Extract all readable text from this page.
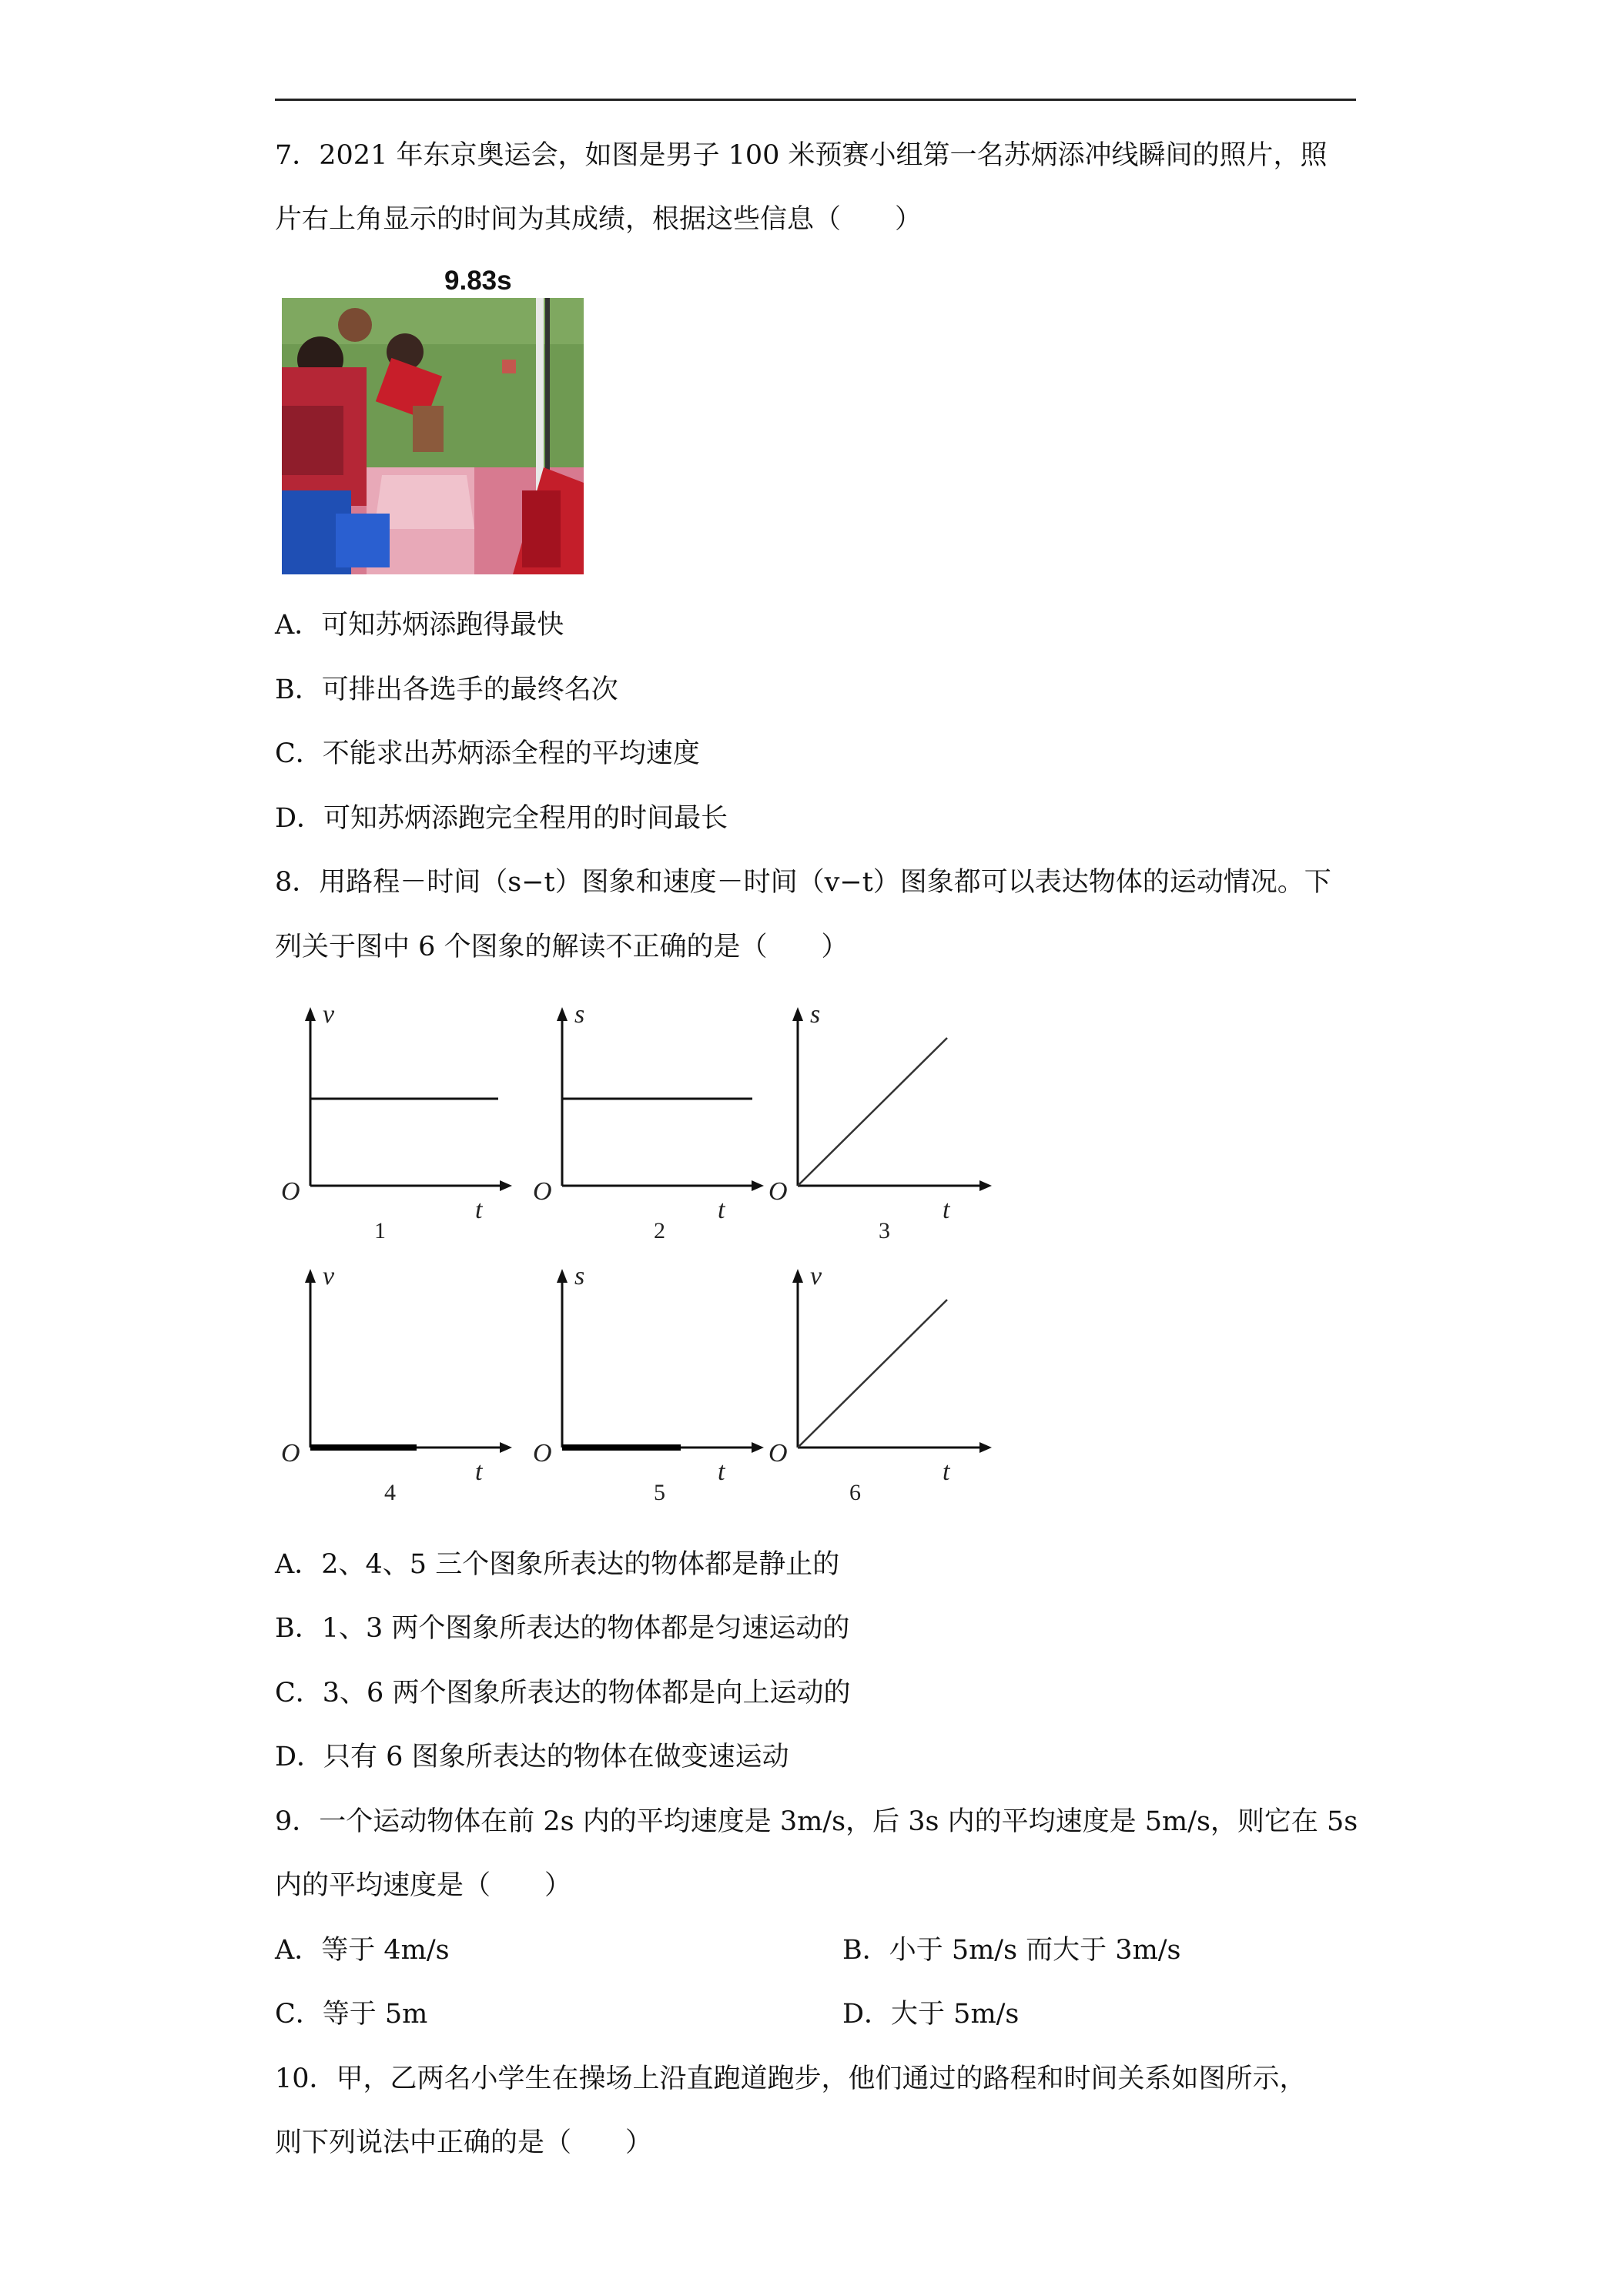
7．2021 年东京奥运会，如图是男子 100 米预赛小组第一名苏炳添冲线瞬间的照片，照
片右上角显示的时间为其成绩，根据这些信息（　　）
9.83s
A．可知苏炳添跑得最快
B．可排出各选手的最终名次
C．不能求出苏炳添全程的平均速度
D．可知苏炳添跑完全程用的时间最长
8．用路程－时间（s−t）图象和速度－时间（v−t）图象都可以表达物体的运动情况。下
列关于图中 6 个图象的解读不正确的是（　　）
v
O
t
1
s
O
t
2
s
O
t
3
v
O
t
4
s
O
t
5
v
O
t
6
A．2、4、5 三个图象所表达的物体都是静止的
B．1、3 两个图象所表达的物体都是匀速运动的
C．3、6 两个图象所表达的物体都是向上运动的
D．只有 6 图象所表达的物体在做变速运动
9．一个运动物体在前 2s 内的平均速度是 3m/s，后 3s 内的平均速度是 5m/s，则它在 5s
内的平均速度是（　　）
A．等于 4m/s	B．小于 5m/s 而大于 3m/s
C．等于 5m	D．大于 5m/s
10．甲，乙两名小学生在操场上沿直跑道跑步，他们通过的路程和时间关系如图所示，
则下列说法中正确的是（　　）
